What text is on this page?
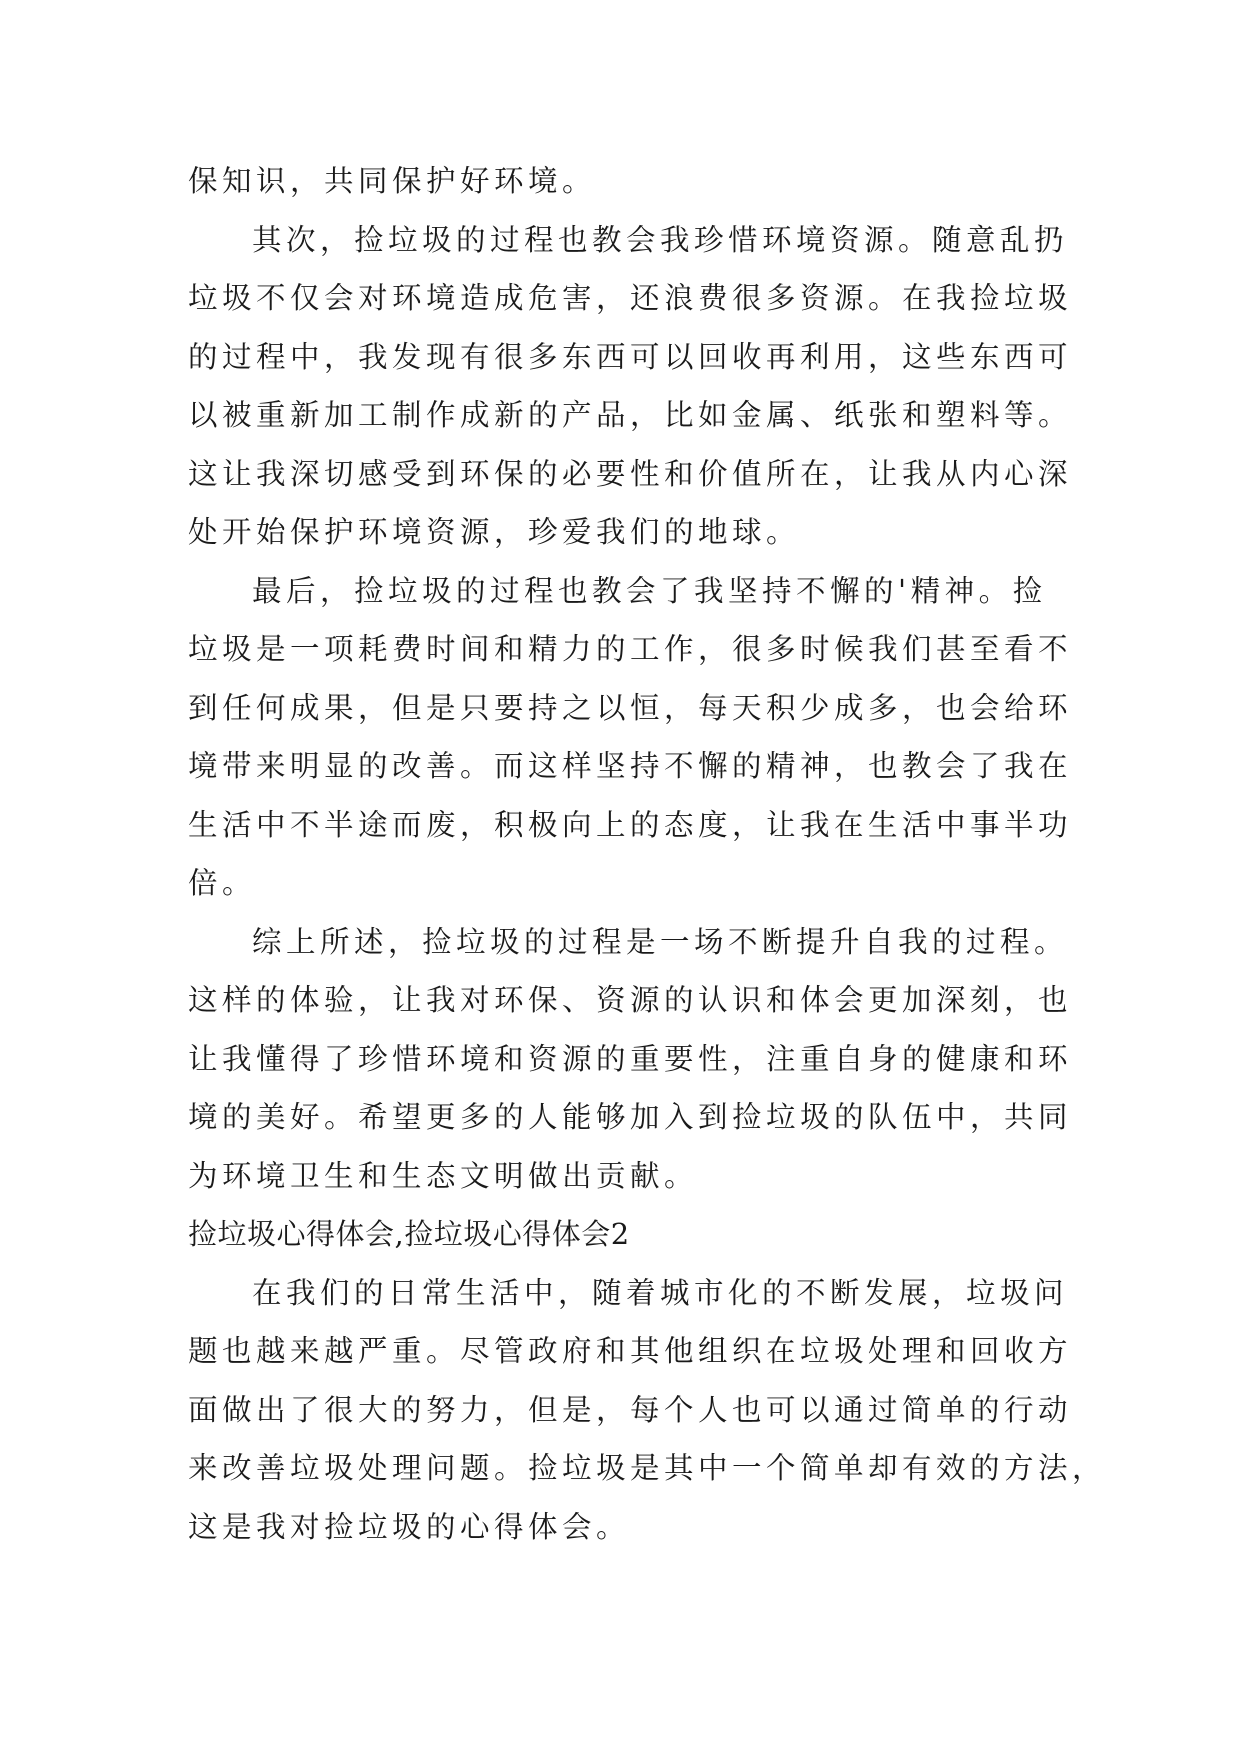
保知识，共同保护好环境。
其次，捡垃圾的过程也教会我珍惜环境资源。随意乱扔
垃圾不仅会对环境造成危害，还浪费很多资源。在我捡垃圾
的过程中，我发现有很多东西可以回收再利用，这些东西可
以被重新加工制作成新的产品，比如金属、纸张和塑料等。
这让我深切感受到环保的必要性和价值所在，让我从内心深
处开始保护环境资源，珍爱我们的地球。
最后，捡垃圾的过程也教会了我坚持不懈的'精神。捡
垃圾是一项耗费时间和精力的工作，很多时候我们甚至看不
到任何成果，但是只要持之以恒，每天积少成多，也会给环
境带来明显的改善。而这样坚持不懈的精神，也教会了我在
生活中不半途而废，积极向上的态度，让我在生活中事半功
倍。
综上所述，捡垃圾的过程是一场不断提升自我的过程。
这样的体验，让我对环保、资源的认识和体会更加深刻，也
让我懂得了珍惜环境和资源的重要性，注重自身的健康和环
境的美好。希望更多的人能够加入到捡垃圾的队伍中，共同
为环境卫生和生态文明做出贡献。
捡垃圾心得体会,捡垃圾心得体会2
在我们的日常生活中，随着城市化的不断发展，垃圾问
题也越来越严重。尽管政府和其他组织在垃圾处理和回收方
面做出了很大的努力，但是，每个人也可以通过简单的行动
来改善垃圾处理问题。捡垃圾是其中一个简单却有效的方法，
这是我对捡垃圾的心得体会。
